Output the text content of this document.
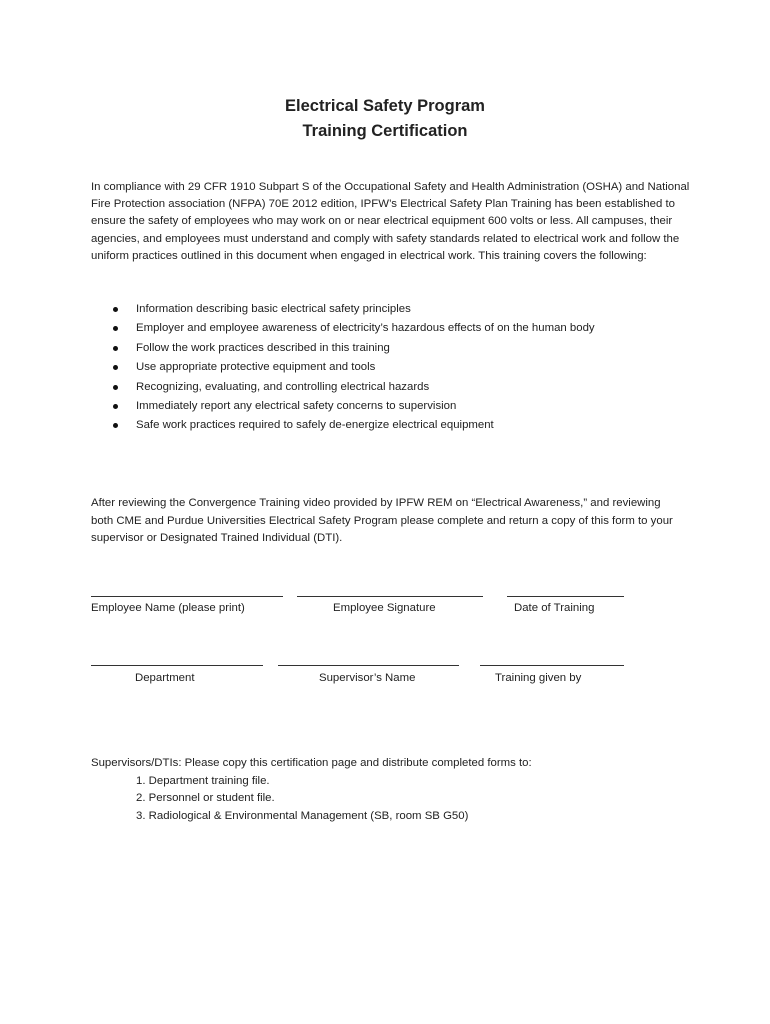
Electrical Safety Program
Training Certification
In compliance with 29 CFR 1910 Subpart S of the Occupational Safety and Health Administration (OSHA) and National Fire Protection association (NFPA) 70E 2012 edition, IPFW’s Electrical Safety Plan Training has been established to ensure the safety of employees who may work on or near electrical equipment 600 volts or less. All campuses, their agencies, and employees must understand and comply with safety standards related to electrical work and follow the uniform practices outlined in this document when engaged in electrical work. This training covers the following:
Information describing basic electrical safety principles
Employer and employee awareness of electricity’s hazardous effects of on the human body
Follow the work practices described in this training
Use appropriate protective equipment and tools
Recognizing, evaluating, and controlling electrical hazards
Immediately report any electrical safety concerns to supervision
Safe work practices required to safely de-energize electrical equipment
After reviewing the Convergence Training video provided by IPFW REM on “Electrical Awareness,” and reviewing both CME and Purdue Universities Electrical Safety Program please complete and return a copy of this form to your supervisor or Designated Trained Individual (DTI).
Employee Name (please print)	Employee Signature	Date of Training
Department	Supervisor’s Name	Training given by
Supervisors/DTIs: Please copy this certification page and distribute completed forms to:
1. Department training file.
2. Personnel or student file.
3. Radiological & Environmental Management (SB, room SB G50)
